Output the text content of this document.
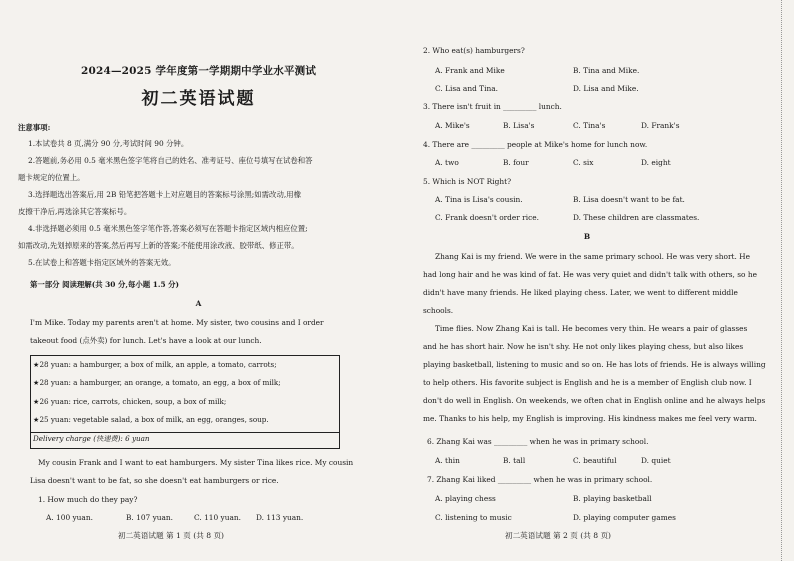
2024—2025 学年度第一学期期中学业水平测试
初二英语试题
注意事项:
1.本试卷共 8 页,满分 90 分,考试时间 90 分钟。
2.答题前,务必用 0.5 毫米黑色签字笔将自己的姓名、准考证号、座位号填写在试卷和答
题卡规定的位置上。
3.选择题选出答案后,用 2B 铅笔把答题卡上对应题目的答案标号涂黑;如需改动,用橡
皮擦干净后,再选涂其它答案标号。
4.非选择题必须用 0.5 毫米黑色签字笔作答,答案必须写在答题卡指定区域内相应位置;
如需改动,先划掉原来的答案,然后再写上新的答案;不能使用涂改液、胶带纸、修正带。
5.在试卷上和答题卡指定区域外的答案无效。
第一部分 阅读理解(共 30 分,每小题 1.5 分)
A
I'm Mike. Today my parents aren't at home. My sister, two cousins and I order
takeout food (点外卖) for lunch. Let's have a look at our lunch.
★28 yuan: a hamburger, a box of milk, an apple, a tomato, carrots;
★28 yuan: a hamburger, an orange, a tomato, an egg, a box of milk;
★26 yuan: rice, carrots, chicken, soup, a box of milk;
★25 yuan: vegetable salad, a box of milk, an egg, oranges, soup.
Delivery charge (快递费): 6 yuan
My cousin Frank and I want to eat hamburgers. My sister Tina likes rice. My cousin
Lisa doesn't want to be fat, so she doesn't eat hamburgers or rice.
1. How much do they pay?
A. 100 yuan.	B. 107 yuan.	C. 110 yuan. D. 113 yuan.
初二英语试题 第 1 页 (共 8 页)
2. Who eat(s) hamburgers?
A. Frank and Mike	B. Tina and Mike.
C. Lisa and Tina.	D. Lisa and Mike.
3. There isn't fruit in _________ lunch.
A. Mike's	B. Lisa's	C. Tina's	D. Frank's
4. There are _________ people at Mike's home for lunch now.
A. two	B. four	C. six	D. eight
5. Which is NOT Right?
A. Tina is Lisa's cousin.	B. Lisa doesn't want to be fat.
C. Frank doesn't order rice.	D. These children are classmates.
B
Zhang Kai is my friend. We were in the same primary school. He was very short. He
had long hair and he was kind of fat. He was very quiet and didn't talk with others, so he
didn't have many friends. He liked playing chess. Later, we went to different middle
schools.
Time flies. Now Zhang Kai is tall. He becomes very thin. He wears a pair of glasses
and he has short hair. Now he isn't shy. He not only likes playing chess, but also likes
playing basketball, listening to music and so on. He has lots of friends. He is always willing
to help others. His favorite subject is English and he is a member of English club now. I
don't do well in English. On weekends, we often chat in English online and he always helps
me. Thanks to his help, my English is improving. His kindness makes me feel very warm.
6. Zhang Kai was _________ when he was in primary school.
A. thin	B. tall	C. beautiful	D. quiet
7. Zhang Kai liked _________ when he was in primary school.
A. playing chess	B. playing basketball
C. listening to music	D. playing computer games
初二英语试题 第 2 页 (共 8 页)
